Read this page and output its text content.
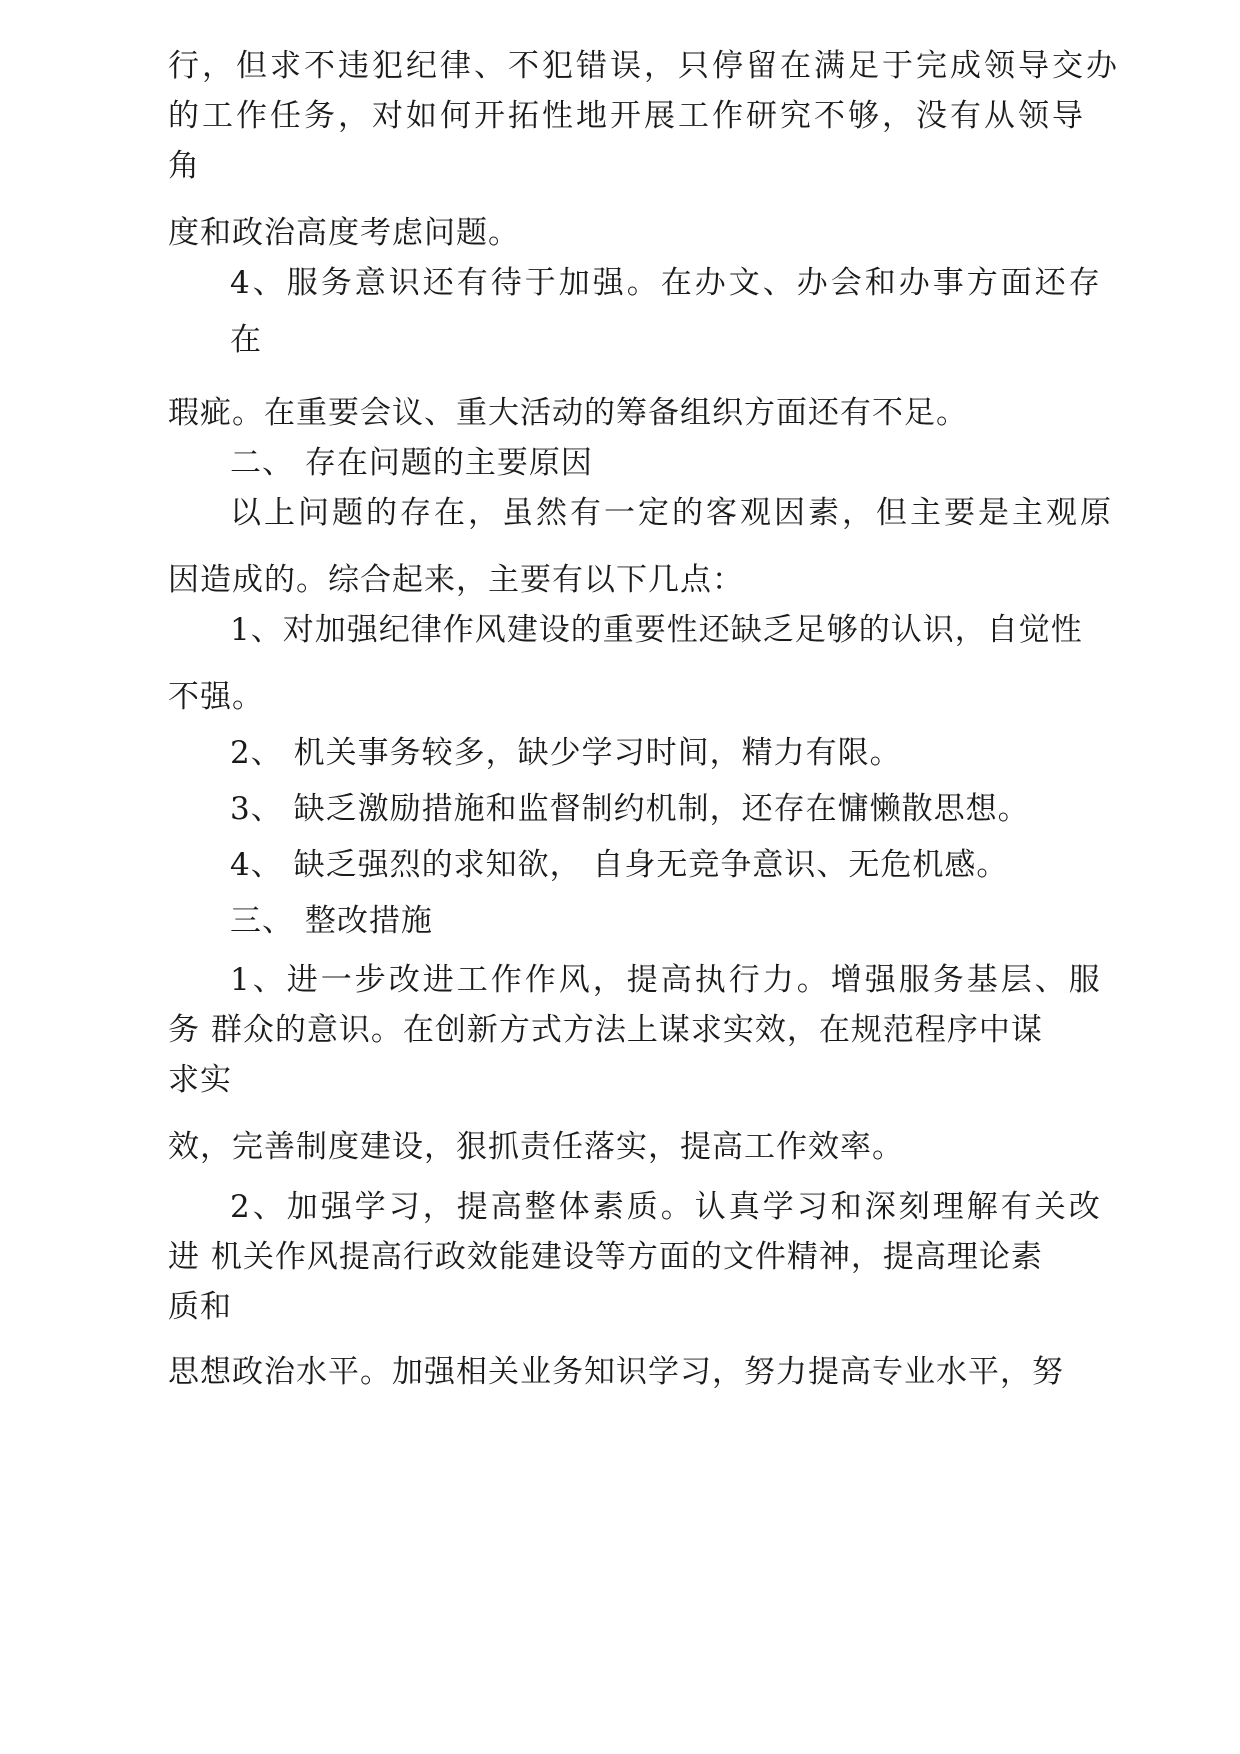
行，但求不违犯纪律、不犯错误，只停留在满足于完成领导交办
的工作任务，对如何开拓性地开展工作研究不够，没有从领导
角
度和政治高度考虑问题。
4、服务意识还有待于加强。在办文、办会和办事方面还存
在
瑕疵。在重要会议、重大活动的筹备组织方面还有不足。
二、 存在问题的主要原因
以上问题的存在，虽然有一定的客观因素，但主要是主观原
因造成的。综合起来，主要有以下几点：
1、对加强纪律作风建设的重要性还缺乏足够的认识，自觉性
不强。
2、 机关事务较多，缺少学习时间，精力有限。
3、 缺乏激励措施和监督制约机制，还存在慵懒散思想。
4、 缺乏强烈的求知欲， 自身无竞争意识、无危机感。
三、 整改措施
1、进一步改进工作作风，提高执行力。增强服务基层、服
务 群众的意识。在创新方式方法上谋求实效，在规范程序中谋
求实
效，完善制度建设，狠抓责任落实，提高工作效率。
2、加强学习，提高整体素质。认真学习和深刻理解有关改
进 机关作风提高行政效能建设等方面的文件精神，提高理论素
质和
思想政治水平。加强相关业务知识学习，努力提高专业水平，努
